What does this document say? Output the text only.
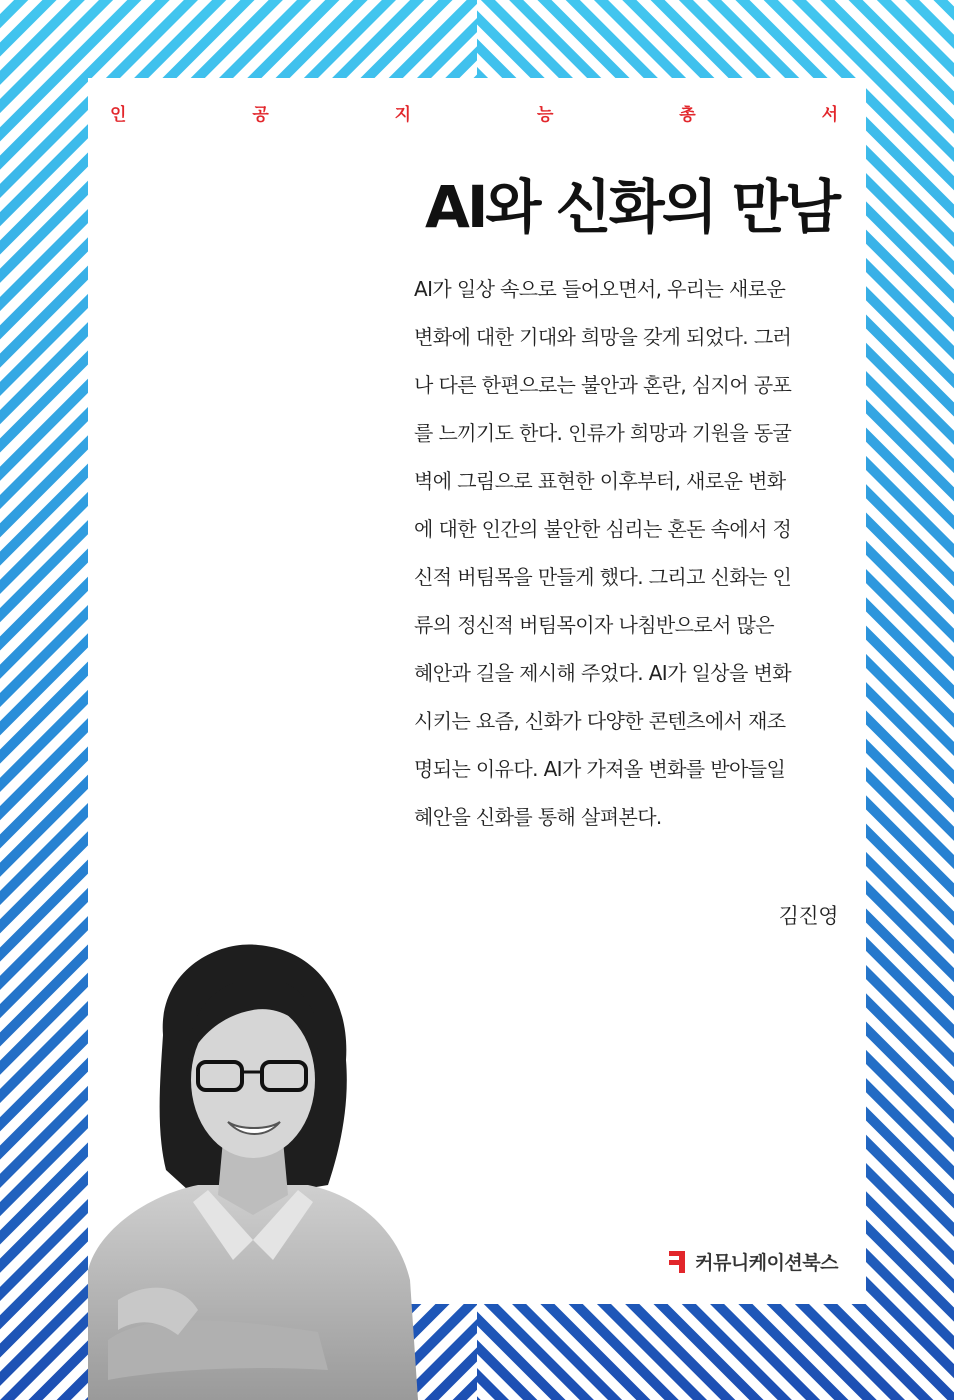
인	공	지	능	총	서
AI와 신화의 만남
AI가 일상 속으로 들어오면서, 우리는 새로운
변화에 대한 기대와 희망을 갖게 되었다. 그러
나 다른 한편으로는 불안과 혼란, 심지어 공포
를 느끼기도 한다. 인류가 희망과 기원을 동굴
벽에 그림으로 표현한 이후부터, 새로운 변화
에 대한 인간의 불안한 심리는 혼돈 속에서 정
신적 버팀목을 만들게 했다. 그리고 신화는 인
류의 정신적 버팀목이자 나침반으로서 많은
혜안과 길을 제시해 주었다. AI가 일상을 변화
시키는 요즘, 신화가 다양한 콘텐츠에서 재조
명되는 이유다. AI가 가져올 변화를 받아들일
혜안을 신화를 통해 살펴본다.
김진영
커뮤니케이션북스
